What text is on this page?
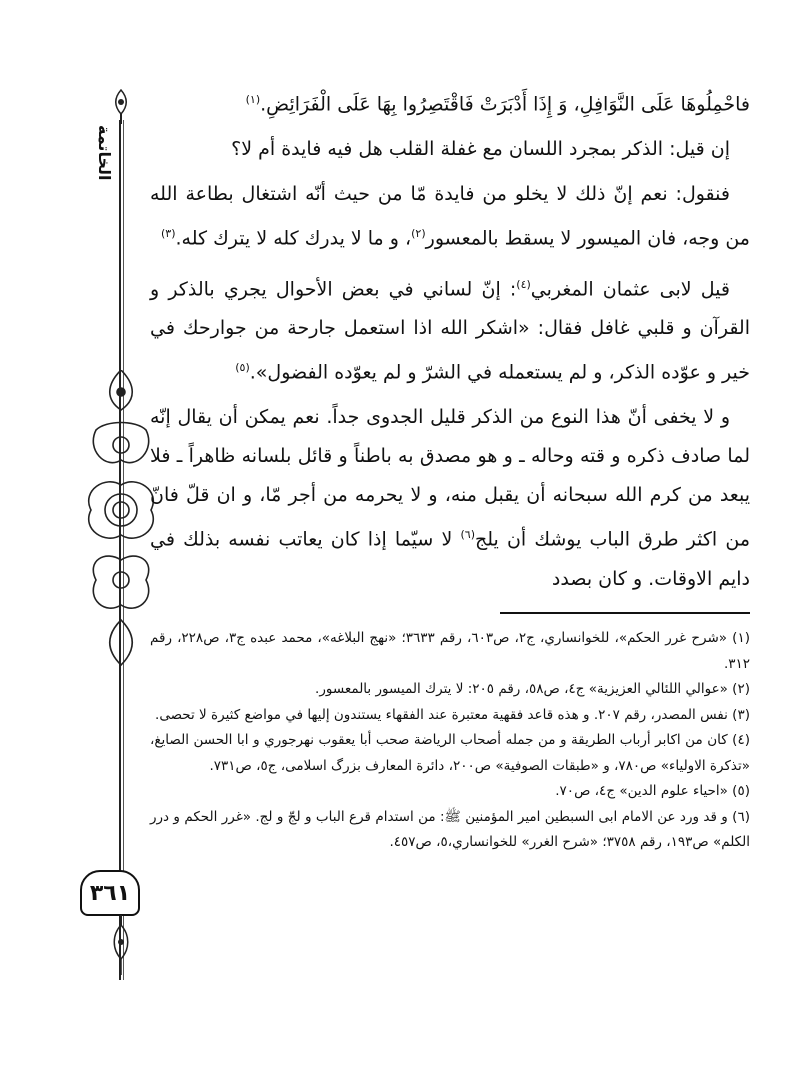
الخاتمة
٣٦١

فاحْمِلُوهَا عَلَى النَّوَافِلِ، وَ إِذَا أَدْبَرَتْ فَاقْتَصِرُوا بِهَا عَلَى الْفَرَائِضِ.$^{(١)}$

إن قيل: الذكر بمجرد اللسان مع غفلة القلب هل فيه فايدة أم لا؟

فنقول: نعم إنّ ذلك لا يخلو من فايدة مّا من حيث أنّه اشتغال بطاعة الله من وجه، فان الميسور لا يسقط بالمعسور$^{(٢)}$، و ما لا يدرك كله لا يترك كله.$^{(٣)}$

قيل لابى عثمان المغربي$^{(٤)}$: إنّ لساني في بعض الأحوال يجري بالذكر و القرآن و قلبي غافل فقال: «اشكر الله اذا استعمل جارحة من جوارحك في خير و عوّده الذكر، و لم يستعمله في الشرّ و لم يعوّده الفضول».$^{(٥)}$

و لا يخفى أنّ هذا النوع من الذكر قليل الجدوى جداً. نعم يمكن أن يقال إنّه لما صادف ذكره و قته وحاله ـ و هو مصدق به باطناً و قائل بلسانه ظاهراً ـ فلا يبعد من كرم الله سبحانه أن يقبل منه، و لا يحرمه من أجر مّا، و ان قلّ فانّ من اكثر طرق الباب يوشك أن يلج$^{(٦)}$ لا سيّما إذا كان يعاتب نفسه بذلك في دايم الاوقات. و كان بصدد

(١) «شرح غرر الحكم»، للخوانساري، ج٢، ص٦٠٣، رقم ٣٦٣٣؛ «نهج البلاغه»، محمد عبده ج٣، ص٢٢٨، رقم ٣١٢.

(٢) «عوالي اللئالي العزيزية» ج٤، ص٥٨، رقم ٢٠٥: لا يترك الميسور بالمعسور.

(٣) نفس المصدر، رقم ٢٠٧. و هذه قاعد فقهية معتبرة عند الفقهاء يستندون إليها في مواضع كثيرة لا تحصى.

(٤) كان من اكابر أرباب الطريقة و من جمله أصحاب الرياضة صحب أبا يعقوب نهرجوري و ابا الحسن الصايغ، «تذكرة الاولياء» ص٧٨٠، و «طبقات الصوفية» ص٢٠٠، دائرة المعارف بزرگ اسلامى، ج٥، ص٧٣١.

(٥) «احياء علوم الدين» ج٤، ص٧٠.

(٦) و قد ورد عن الامام ابى السبطين امير المؤمنين ﷺ: من استدام قرع الباب و لجّ و لج. «غرر الحكم و درر الكلم» ص١٩٣، رقم ٣٧٥٨؛ «شرح الغرر» للخوانساري،٥، ص٤٥٧.
